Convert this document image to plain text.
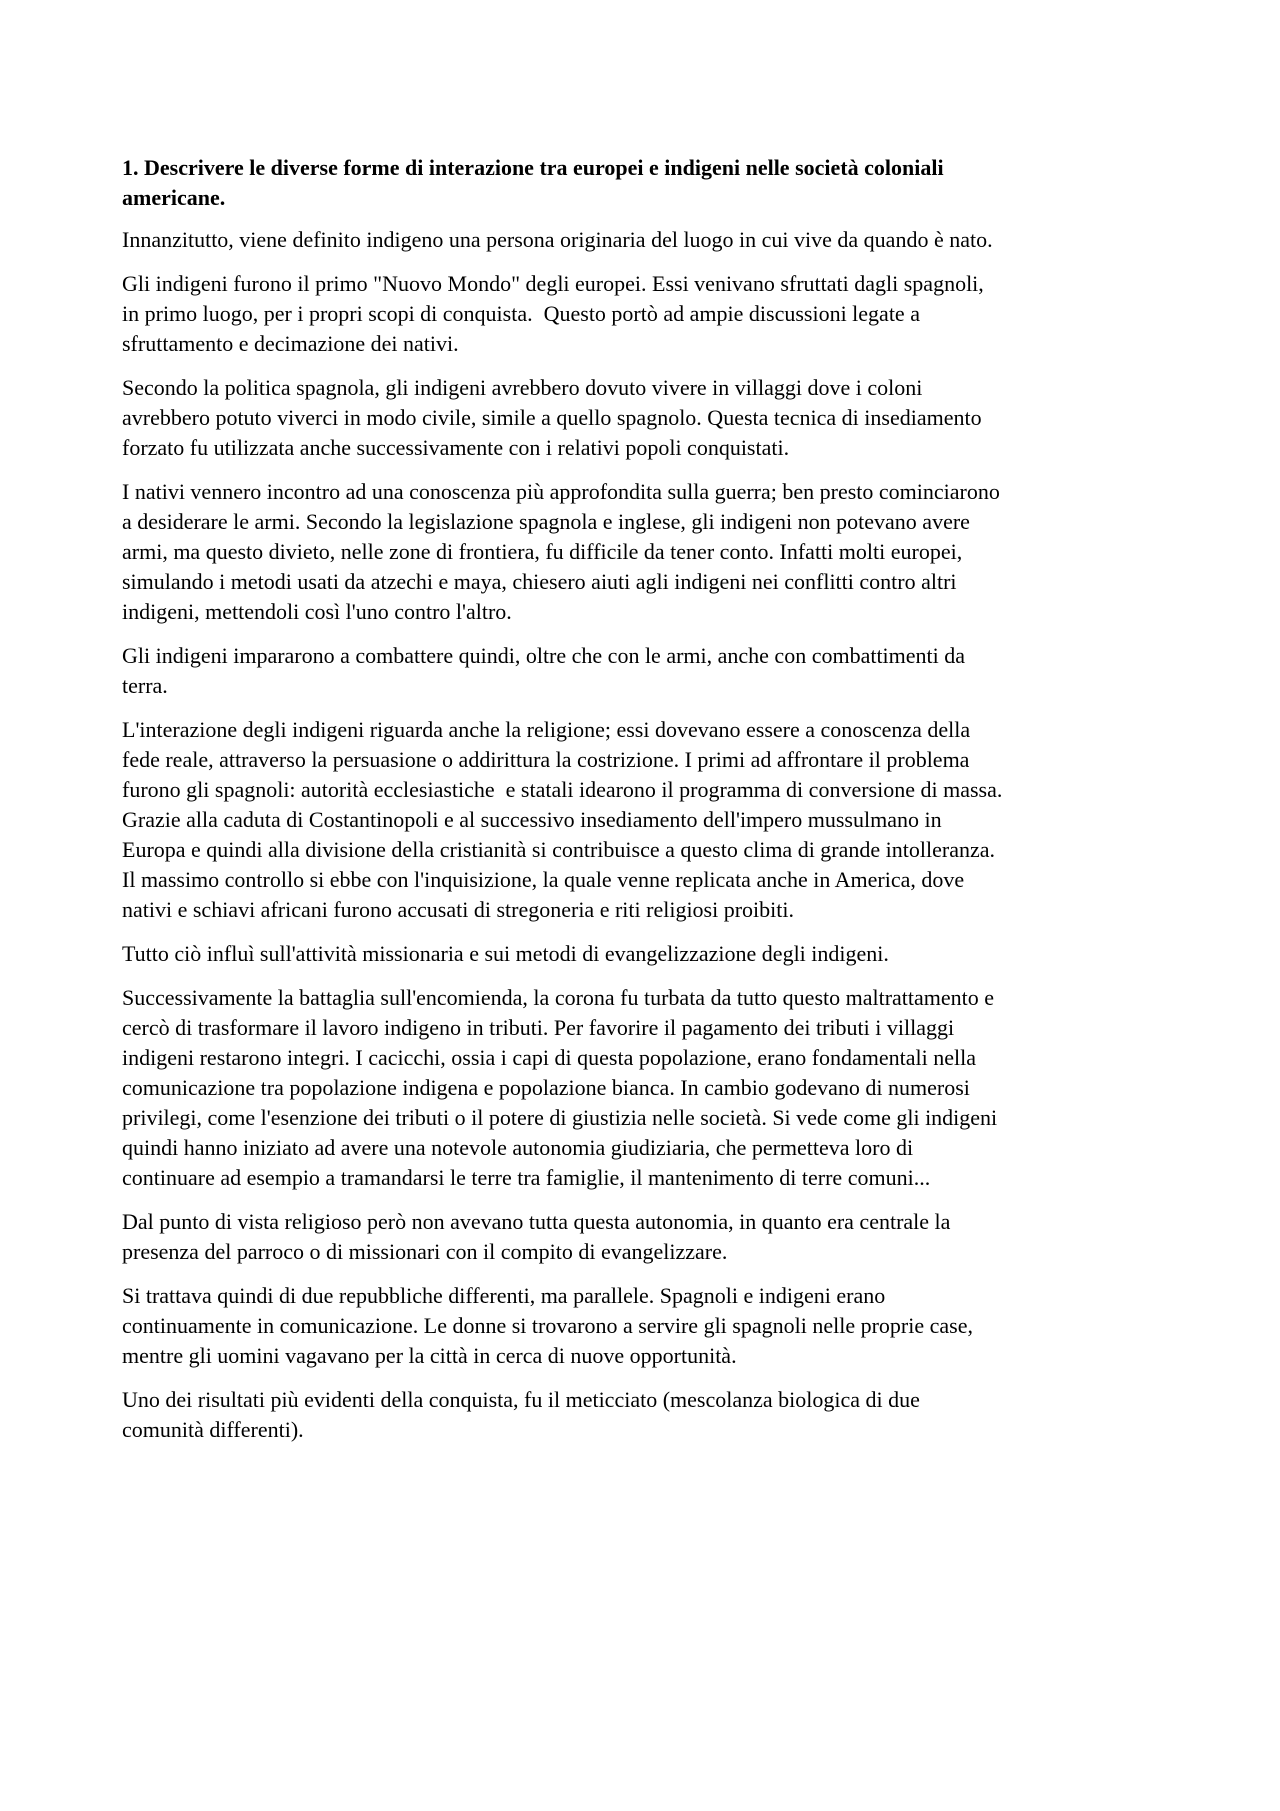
1. Descrivere le diverse forme di interazione tra europei e indigeni nelle società coloniali
americane.
Innanzitutto, viene definito indigeno una persona originaria del luogo in cui vive da quando è nato.
Gli indigeni furono il primo "Nuovo Mondo" degli europei. Essi venivano sfruttati dagli spagnoli,
in primo luogo, per i propri scopi di conquista.  Questo portò ad ampie discussioni legate a
sfruttamento e decimazione dei nativi.
Secondo la politica spagnola, gli indigeni avrebbero dovuto vivere in villaggi dove i coloni
avrebbero potuto viverci in modo civile, simile a quello spagnolo. Questa tecnica di insediamento
forzato fu utilizzata anche successivamente con i relativi popoli conquistati.
I nativi vennero incontro ad una conoscenza più approfondita sulla guerra; ben presto cominciarono
a desiderare le armi. Secondo la legislazione spagnola e inglese, gli indigeni non potevano avere
armi, ma questo divieto, nelle zone di frontiera, fu difficile da tener conto. Infatti molti europei,
simulando i metodi usati da atzechi e maya, chiesero aiuti agli indigeni nei conflitti contro altri
indigeni, mettendoli così l'uno contro l'altro.
Gli indigeni impararono a combattere quindi, oltre che con le armi, anche con combattimenti da
terra.
L'interazione degli indigeni riguarda anche la religione; essi dovevano essere a conoscenza della
fede reale, attraverso la persuasione o addirittura la costrizione. I primi ad affrontare il problema
furono gli spagnoli: autorità ecclesiastiche  e statali idearono il programma di conversione di massa.
Grazie alla caduta di Costantinopoli e al successivo insediamento dell'impero mussulmano in
Europa e quindi alla divisione della cristianità si contribuisce a questo clima di grande intolleranza.
Il massimo controllo si ebbe con l'inquisizione, la quale venne replicata anche in America, dove
nativi e schiavi africani furono accusati di stregoneria e riti religiosi proibiti.
Tutto ciò influì sull'attività missionaria e sui metodi di evangelizzazione degli indigeni.
Successivamente la battaglia sull'encomienda, la corona fu turbata da tutto questo maltrattamento e
cercò di trasformare il lavoro indigeno in tributi. Per favorire il pagamento dei tributi i villaggi
indigeni restarono integri. I cacicchi, ossia i capi di questa popolazione, erano fondamentali nella
comunicazione tra popolazione indigena e popolazione bianca. In cambio godevano di numerosi
privilegi, come l'esenzione dei tributi o il potere di giustizia nelle società. Si vede come gli indigeni
quindi hanno iniziato ad avere una notevole autonomia giudiziaria, che permetteva loro di
continuare ad esempio a tramandarsi le terre tra famiglie, il mantenimento di terre comuni...
Dal punto di vista religioso però non avevano tutta questa autonomia, in quanto era centrale la
presenza del parroco o di missionari con il compito di evangelizzare.
Si trattava quindi di due repubbliche differenti, ma parallele. Spagnoli e indigeni erano
continuamente in comunicazione. Le donne si trovarono a servire gli spagnoli nelle proprie case,
mentre gli uomini vagavano per la città in cerca di nuove opportunità.
Uno dei risultati più evidenti della conquista, fu il meticciato (mescolanza biologica di due
comunità differenti).
